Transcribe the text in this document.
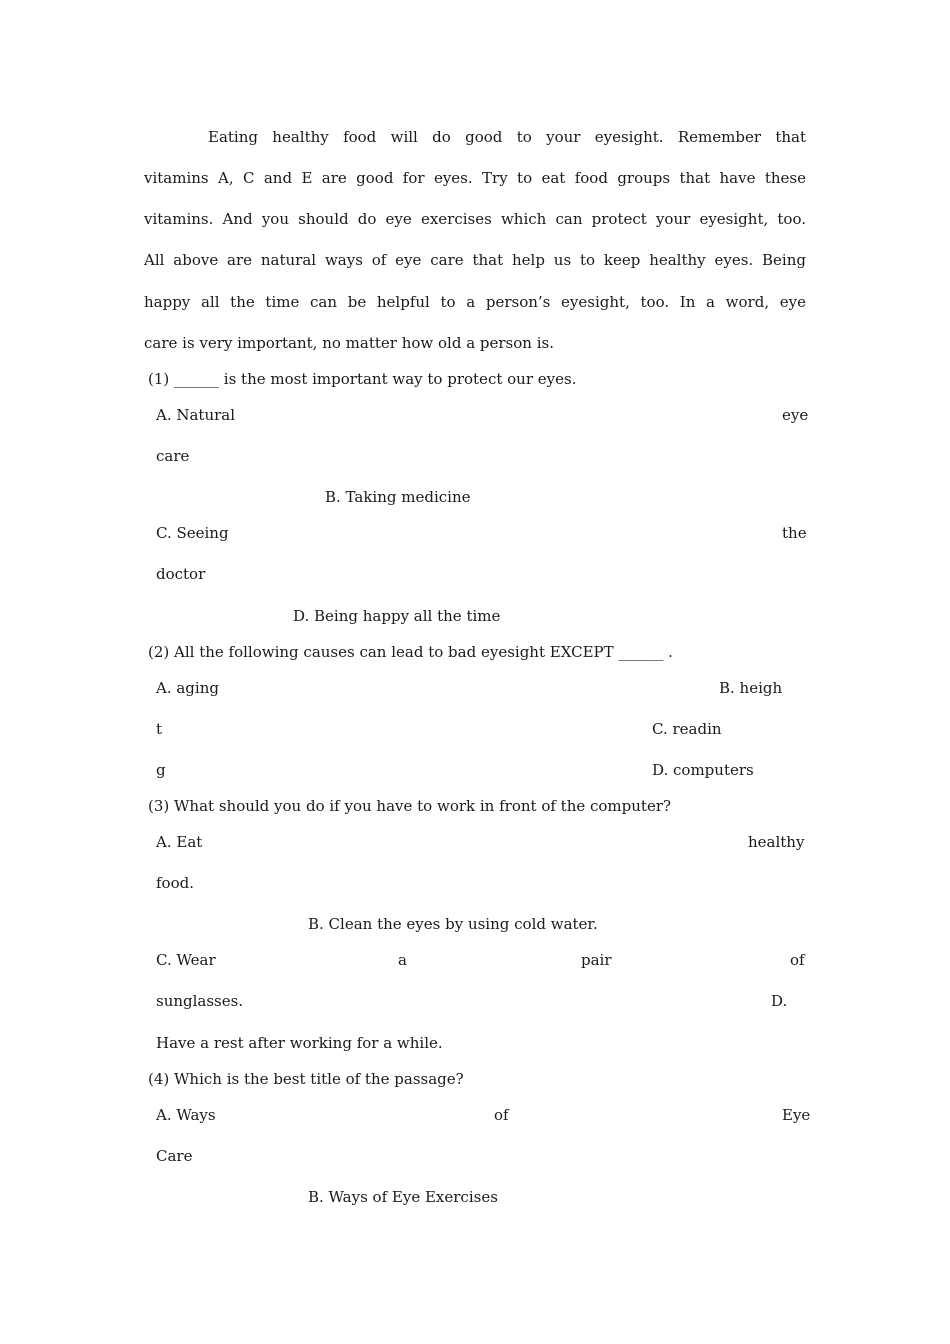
Eating healthy food will do good to your eyesight. Remember that
vitamins A, C and E are good for eyes. Try to eat food groups that have these
vitamins. And you should do eye exercises which can protect your eyesight, too.
All above are natural ways of eye care that help us to keep healthy eyes. Being
happy all the time can be helpful to a person’s eyesight, too. In a word, eye
care is very important, no matter how old a person is.
(1) ______ is the most important way to protect our eyes.
A. Natural	eye
care
B. Taking medicine
C. Seeing	the
doctor
D. Being happy all the time
(2) All the following causes can lead to bad eyesight EXCEPT ______ .
A. aging	B. heigh
t	C. readin
g	D. computers
(3) What should you do if you have to work in front of the computer?
A. Eat	healthy
food.
B. Clean the eyes by using cold water.
C. Wear	a	pair	of
sunglasses.	D.
Have a rest after working for a while.
(4) Which is the best title of the passage?
A. Ways	of	Eye
Care
B. Ways of Eye Exercises
